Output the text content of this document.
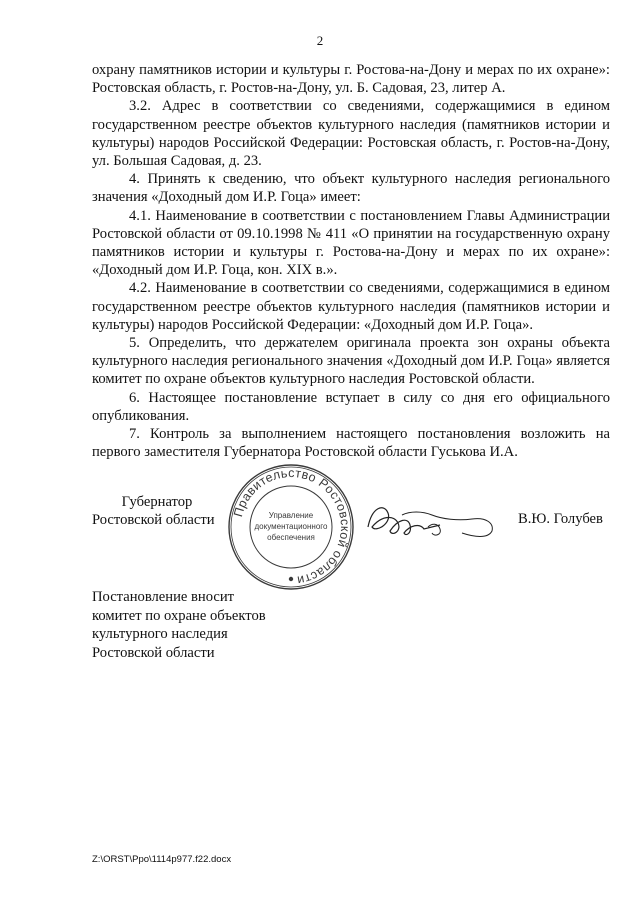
2

охрану памятников истории и культуры г. Ростова-на-Дону и мерах по их охране»: Ростовская область, г. Ростов-на-Дону, ул. Б. Садовая, 23, литер А.

3.2. Адрес в соответствии со сведениями, содержащимися в едином государственном реестре объектов культурного наследия (памятников истории и культуры) народов Российской Федерации: Ростовская область, г. Ростов-на-Дону, ул. Большая Садовая, д. 23.

4. Принять к сведению, что объект культурного наследия регионального значения «Доходный дом И.Р. Гоца» имеет:

4.1. Наименование в соответствии с постановлением Главы Администрации Ростовской области от 09.10.1998 № 411 «О принятии на государственную охрану памятников истории и культуры г. Ростова-на-Дону и мерах по их охране»: «Доходный дом И.Р. Гоца, кон. XIX в.».

4.2. Наименование в соответствии со сведениями, содержащимися в едином государственном реестре объектов культурного наследия (памятников истории и культуры) народов Российской Федерации: «Доходный дом И.Р. Гоца».

5. Определить, что держателем оригинала проекта зон охраны объекта культурного наследия регионального значения «Доходный дом И.Р. Гоца» является комитет по охране объектов культурного наследия Ростовской области.

6. Настоящее постановление вступает в силу со дня его официального опубликования.

7. Контроль за выполнением настоящего постановления возложить на первого заместителя Губернатора Ростовской области Гуськова И.А.

Губернатор
Ростовской области
Правительство Ростовской области
Управление
документационного
обеспечения
В.Ю. Голубев
Постановление вносит
комитет по охране объектов
культурного наследия
Ростовской области
Z:\ORST\Ppo\1114p977.f22.docx
